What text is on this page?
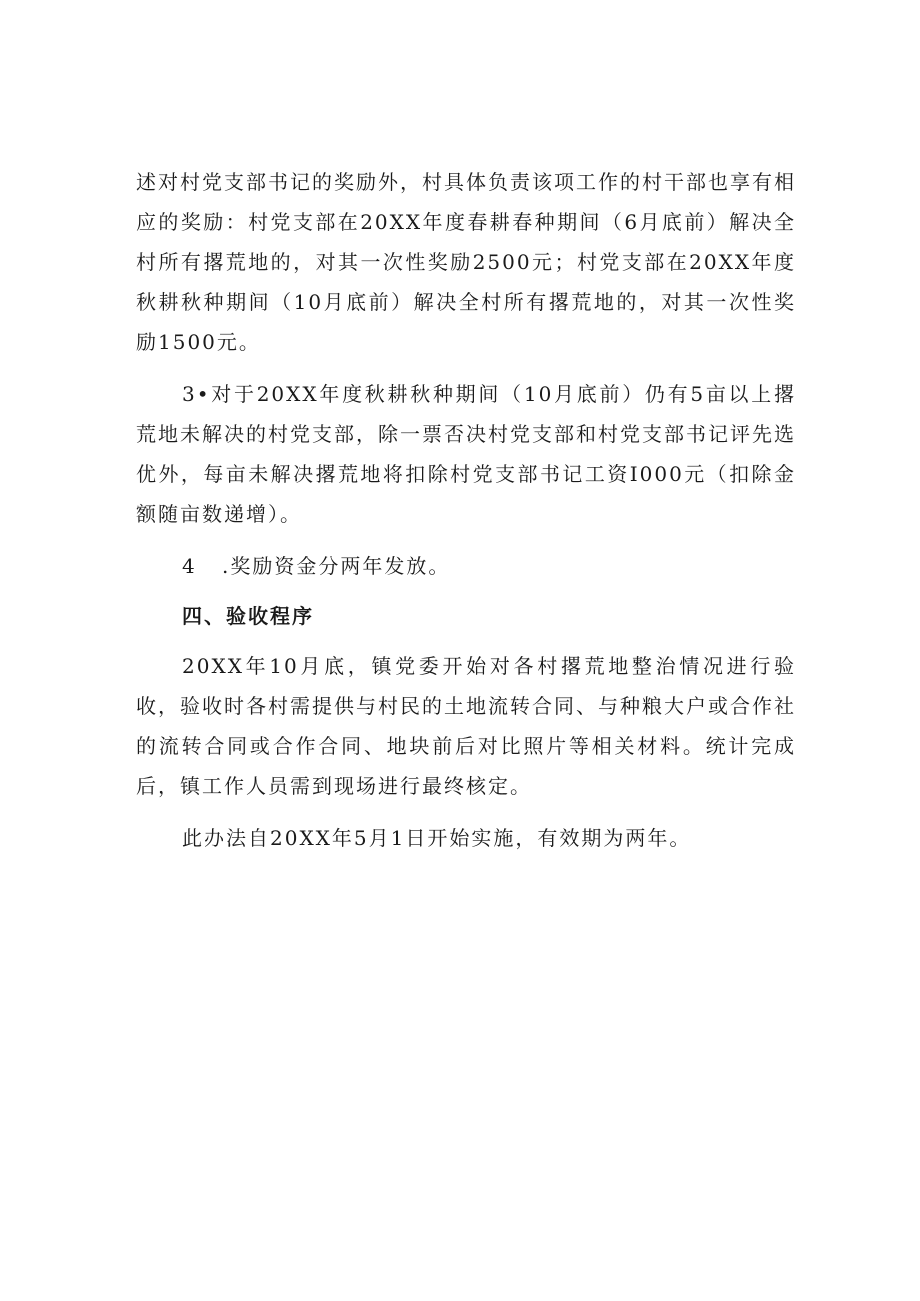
述对村党支部书记的奖励外，村具体负责该项工作的村干部也享有相应的奖励：村党支部在20XX年度春耕春种期间（6月底前）解决全村所有撂荒地的，对其一次性奖励2500元；村党支部在20XX年度秋耕秋种期间（10月底前）解决全村所有撂荒地的，对其一次性奖励1500元。

3•对于20XX年度秋耕秋种期间（10月底前）仍有5亩以上撂荒地未解决的村党支部，除一票否决村党支部和村党支部书记评先选优外，每亩未解决撂荒地将扣除村党支部书记工资I000元（扣除金额随亩数递增）。

4 .奖励资金分两年发放。

四、验收程序

20XX年10月底，镇党委开始对各村撂荒地整治情况进行验收，验收时各村需提供与村民的土地流转合同、与种粮大户或合作社的流转合同或合作合同、地块前后对比照片等相关材料。统计完成后，镇工作人员需到现场进行最终核定。

此办法自20XX年5月1日开始实施，有效期为两年。
